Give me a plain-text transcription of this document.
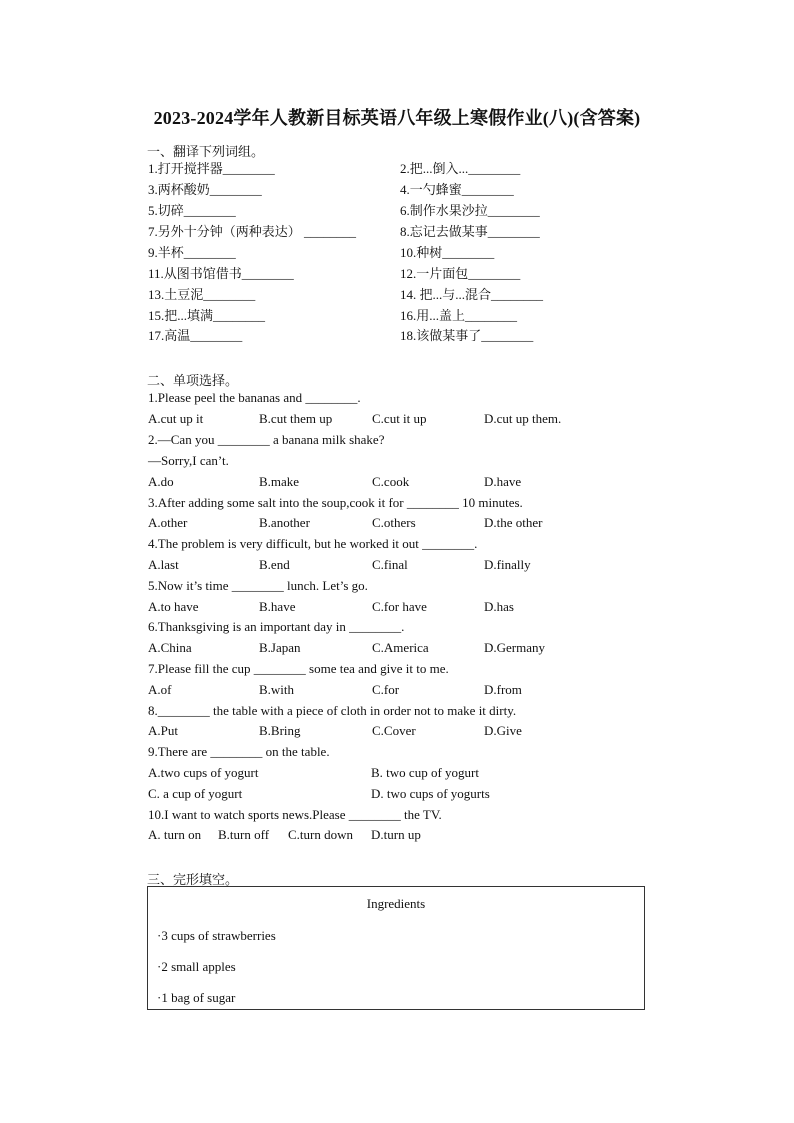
2023-2024学年人教新目标英语八年级上寒假作业(八)(含答案)
一、翻译下列词组。
1.打开搅拌器________	2.把...倒入...________
3.两杯酸奶________	4.一勺蜂蜜________
5.切碎________	6.制作水果沙拉________
7.另外十分钟（两种表达） ________	8.忘记去做某事________
9.半杯________	10.种树________
11.从图书馆借书________	12.一片面包________
13.土豆泥________	14. 把...与...混合________
15.把...填满________	16.用...盖上________
17.高温________	18.该做某事了________
二、单项选择。
1.Please peel the bananas and ________.
A.cut up it	B.cut them up	C.cut it up	D.cut up them.
2.—Can you ________ a banana milk shake?
—Sorry,I can’t.
A.do	B.make	C.cook	D.have
3.After adding some salt into the soup,cook it for ________ 10 minutes.
A.other	B.another	C.others	D.the other
4.The problem is very difficult, but he worked it out ________.
A.last	B.end	C.final	D.finally
5.Now it’s time ________ lunch. Let’s go.
A.to have	B.have	C.for have	D.has
6.Thanksgiving is an important day in ________.
A.China	B.Japan	C.America	D.Germany
7.Please fill the cup ________ some tea and give it to me.
A.of	B.with	C.for	D.from
8.________ the table with a piece of cloth in order not to make it dirty.
A.Put	B.Bring	C.Cover	D.Give
9.There are ________ on the table.
A.two cups of yogurt	B. two cup of yogurt
C. a cup of yogurt	D. two cups of yogurts
10.I want to watch sports news.Please ________ the TV.
A. turn on B.turn off C.turn down D.turn up
三、完形填空。
Ingredients
·3 cups of strawberries
·2 small apples
·1 bag of sugar
